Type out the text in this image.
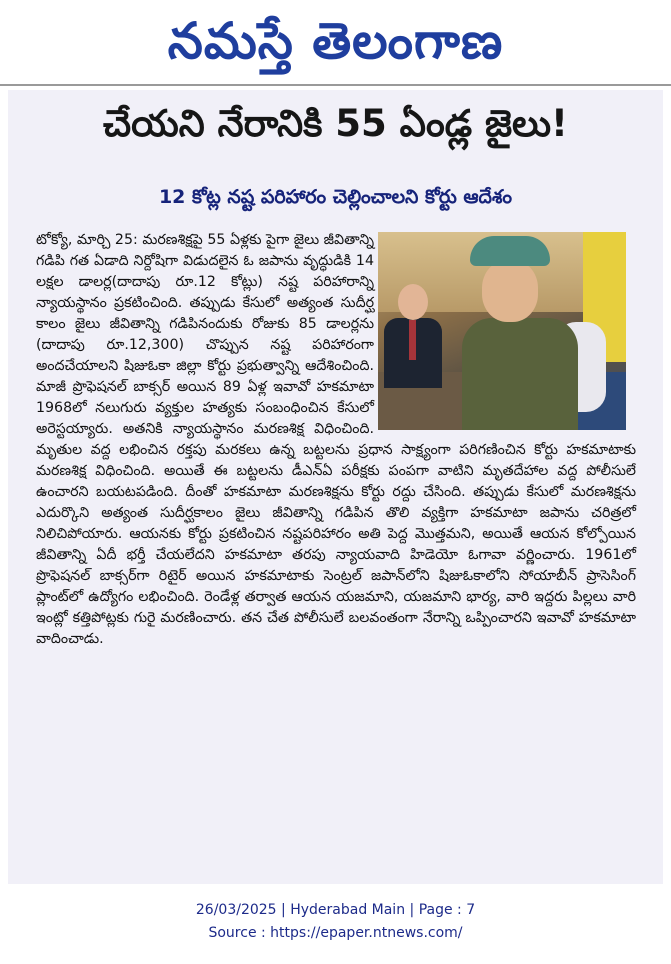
నమస్తే తెలంగాణ
చేయని నేరానికి 55 ఏండ్ల జైలు!
12 కోట్ల నష్ట పరిహారం చెల్లించాలని కోర్టు ఆదేశం
టోక్యో, మార్చి 25: మరణశిక్షపై 55 ఏళ్లకు పైగా జైలు జీవితాన్ని గడిపి గత ఏడాది నిర్దోషిగా విడుదలైన ఓ జపాను వృద్ధుడికి 14 లక్షల డాలర్ల(దాదాపు రూ.12 కోట్లు) నష్ట పరిహారాన్ని న్యాయస్థానం ప్రకటించింది. తప్పుడు కేసులో అత్యంత సుదీర్ఘ కాలం జైలు జీవితాన్ని గడిపినందుకు రోజుకు 85 డాలర్లను (దాదాపు రూ.12,300) చొప్పున నష్ట పరిహారంగా అందచేయాలని షిజుఓకా జిల్లా కోర్టు ప్రభుత్వాన్ని ఆదేశించింది. మాజీ ప్రొఫెషనల్ బాక్సర్ అయిన 89 ఏళ్ల ఇవావో హకమాటా 1968లో నలుగురు వ్యక్తుల హత్యకు సంబంధించిన కేసులో అరెస్టయ్యారు. అతనికి న్యాయస్థానం మరణశిక్ష విధించింది. మృతుల వద్ద లభించిన రక్తపు మరకలు ఉన్న బట్టలను ప్రధాన సాక్ష్యంగా పరిగణించిన కోర్టు హకమాటాకు మరణశిక్ష విధించింది. అయితే ఈ బట్టలను డీఎన్ఏ పరీక్షకు పంపగా వాటిని మృతదేహాల వద్ద పోలీసులే ఉంచారని బయటపడింది. దీంతో హకమాటా మరణశిక్షను కోర్టు రద్దు చేసింది. తప్పుడు కేసులో మరణశిక్షను ఎదుర్కొని అత్యంత సుదీర్ఘకాలం జైలు జీవితాన్ని గడిపిన తొలి వ్యక్తిగా హకమాటా జపాను చరిత్రలో నిలిచిపోయారు. ఆయనకు కోర్టు ప్రకటించిన నష్టపరిహారం అతి పెద్ద మొత్తమని, అయితే ఆయన కోల్పోయిన జీవితాన్ని ఏదీ భర్తీ చేయలేదని హకమాటా తరపు న్యాయవాది హిడెయో ఓగావా వర్ణించారు. 1961లో ప్రొఫెషనల్ బాక్సర్‌గా రిటైర్ అయిన హకమాటాకు సెంట్రల్ జపాన్‌లోని షిజుఓకాలోని సోయాబీన్ ప్రాసెసింగ్ ప్లాంట్‌లో ఉద్యోగం లభించింది. రెండేళ్ల తర్వాత ఆయన యజమాని, యజమాని భార్య, వారి ఇద్దరు పిల్లలు వారి ఇంట్లో కత్తిపోట్లకు గురై మరణించారు. తన చేత పోలీసులే బలవంతంగా నేరాన్ని ఒప్పించారని ఇవావో హకమాటా వాదించాడు.
26/03/2025 | Hyderabad Main | Page : 7
Source : https://epaper.ntnews.com/
